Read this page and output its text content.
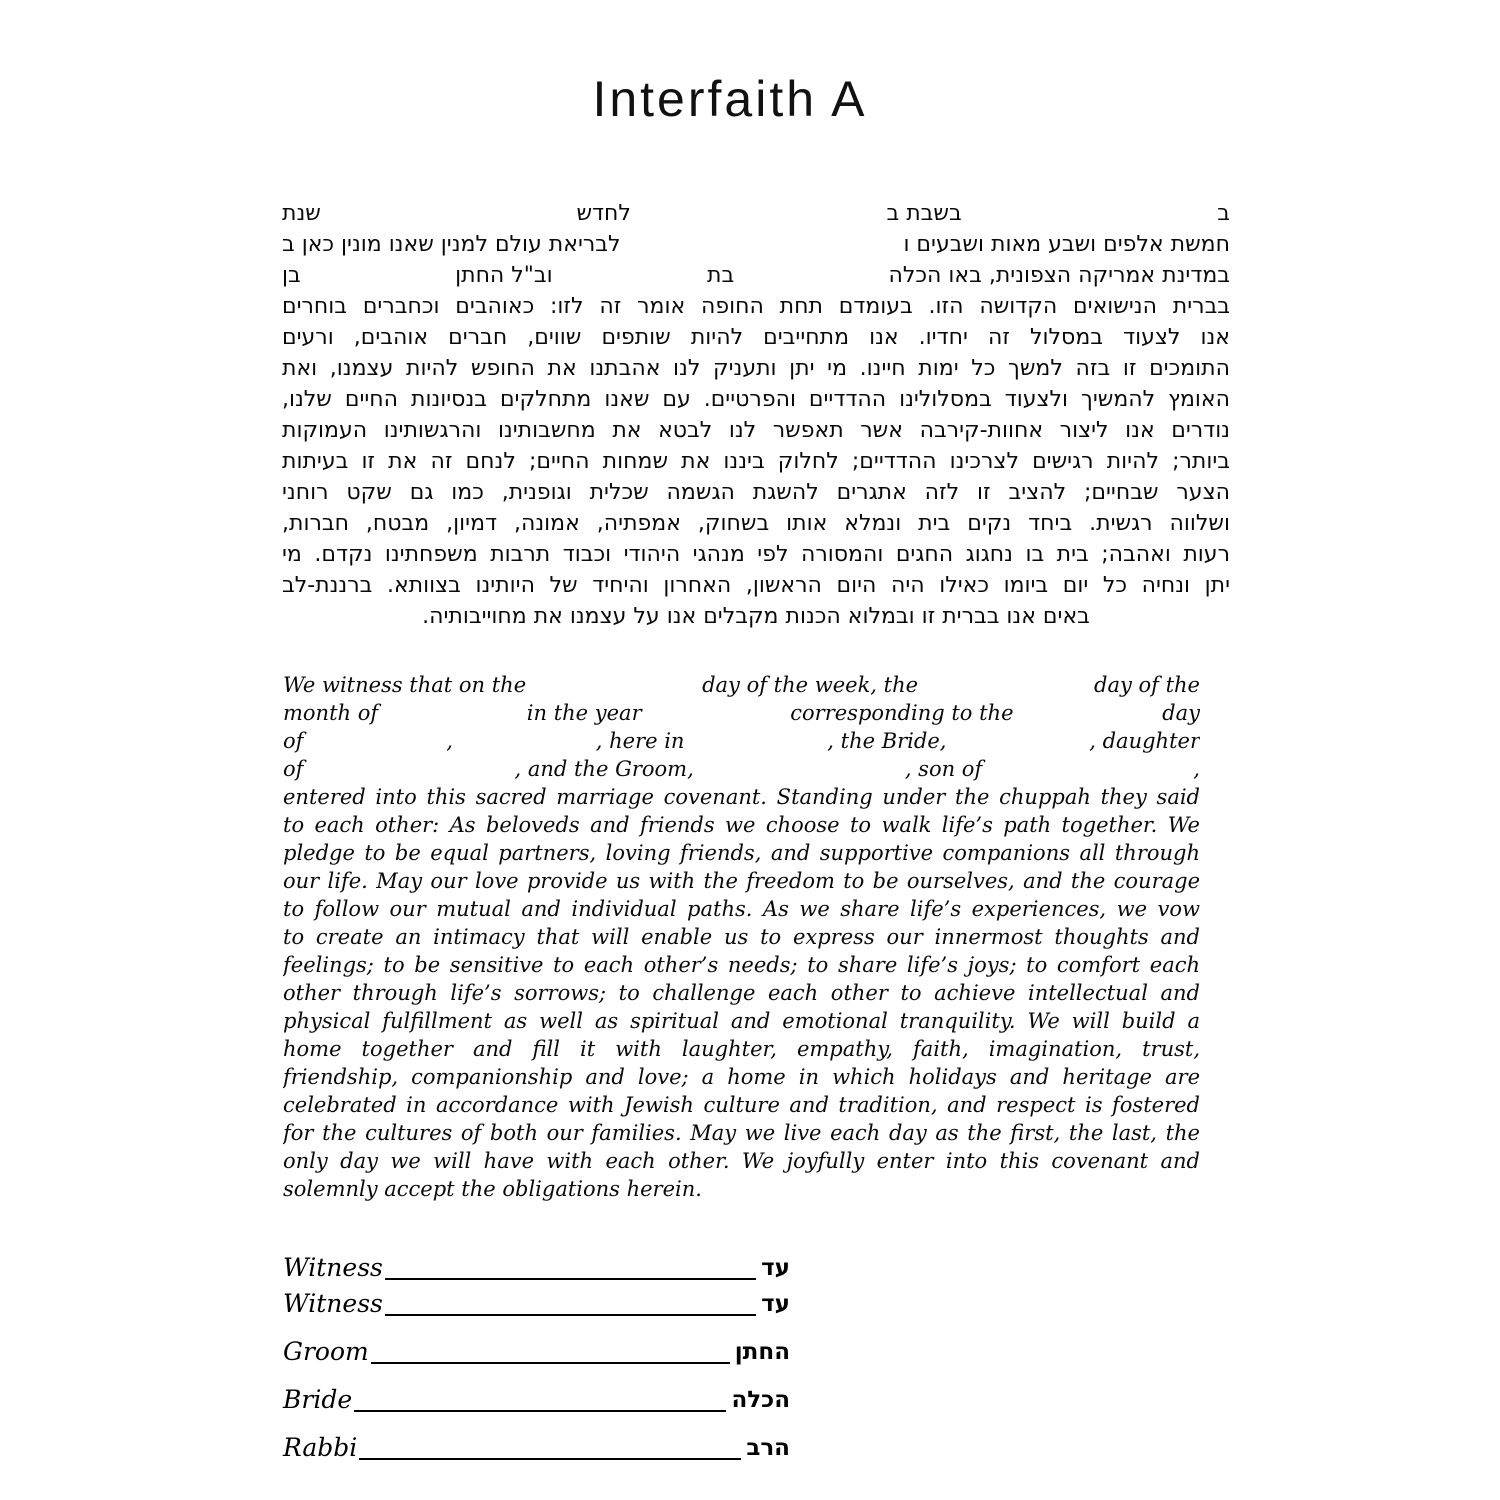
Interfaith A
ב
בשבת ב
לחדש
שנת
חמשת אלפים ושבע מאות ושבעים ו
לבריאת עולם למנין שאנו מונין כאן ב
במדינת אמריקה הצפונית, באו הכלה
בת
וב"ל החתן
בן
בברית הנישואים הקדושה הזו. בעומדם תחת החופה אומר זה לזו: כאוהבים וכחברים בוחרים
אנו לצעוד במסלול זה יחדיו. אנו מתחייבים להיות שותפים שווים, חברים אוהבים, ורעים
התומכים זו בזה למשך כל ימות חיינו. מי יתן ותעניק לנו אהבתנו את החופש להיות עצמנו, ואת
האומץ להמשיך ולצעוד במסלולינו ההדדיים והפרטיים. עם שאנו מתחלקים בנסיונות החיים שלנו,
נודרים אנו ליצור אחוות-קירבה אשר תאפשר לנו לבטא את מחשבותינו והרגשותינו העמוקות
ביותר; להיות רגישים לצרכינו ההדדיים; לחלוק ביננו את שמחות החיים; לנחם זה את זו בעיתות
הצער שבחיים; להציב זו לזה אתגרים להשגת הגשמה שכלית וגופנית, כמו גם שקט רוחני
ושלווה רגשית. ביחד נקים בית ונמלא אותו בשחוק, אמפתיה, אמונה, דמיון, מבטח, חברות,
רעות ואהבה; בית בו נחגוג החגים והמסורה לפי מנהגי היהודי וכבוד תרבות משפחתינו נקדם. מי
יתן ונחיה כל יום ביומו כאילו היה היום הראשון, האחרון והיחיד של היותינו בצוותא. ברננת-לב
באים אנו בברית זו ובמלוא הכנות מקבלים אנו על עצמנו את מחוייבותיה.
We witness that on the	day of the week, the	day of the
month of	in the year	corresponding to the	day
of	,	, here in	, the Bride,	, daughter
of	, and the Groom,	, son of	,
entered into this sacred marriage covenant. Standing under the chuppah they said
to each other: As beloveds and friends we choose to walk life’s path together. We
pledge to be equal partners, loving friends, and supportive companions all through
our life. May our love provide us with the freedom to be ourselves, and the courage
to follow our mutual and individual paths. As we share life’s experiences, we vow
to create an intimacy that will enable us to express our innermost thoughts and
feelings; to be sensitive to each other’s needs; to share life’s joys; to comfort each
other through life’s sorrows; to challenge each other to achieve intellectual and
physical fulfillment as well as spiritual and emotional tranquility. We will build a
home together and fill it with laughter, empathy, faith, imagination, trust,
friendship, companionship and love; a home in which holidays and heritage are
celebrated in accordance with Jewish culture and tradition, and respect is fostered
for the cultures of both our families. May we live each day as the first, the last, the
only day we will have with each other. We joyfully enter into this covenant and
solemnly accept the obligations herein.
Witness	עד
Witness	עד
Groom	החתן
Bride	הכלה
Rabbi	הרב
